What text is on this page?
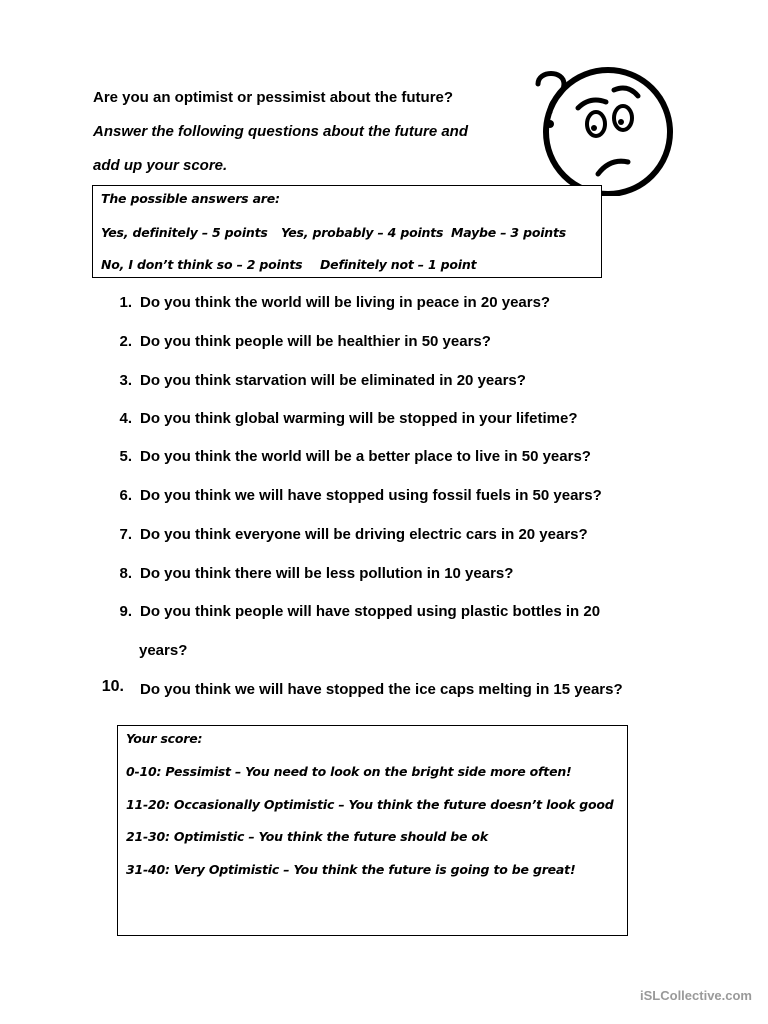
Are you an optimist or pessimist about the future?
Answer the following questions about the future and
add up your score.
The possible answers are:
Yes, definitely – 5 points Yes, probably – 4 points Maybe – 3 points
No, I don’t think so – 2 points Definitely not – 1 point
1. Do you think the world will be living in peace in 20 years?
2. Do you think people will be healthier in 50 years?
3. Do you think starvation will be eliminated in 20 years?
4. Do you think global warming will be stopped in your lifetime?
5. Do you think the world will be a better place to live in 50 years?
6. Do you think we will have stopped using fossil fuels in 50 years?
7. Do you think everyone will be driving electric cars in 20 years?
8. Do you think there will be less pollution in 10 years?
9. Do you think people will have stopped using plastic bottles in 20
years?
10. Do you think we will have stopped the ice caps melting in 15 years?
Your score:
0-10: Pessimist – You need to look on the bright side more often!
11-20: Occasionally Optimistic – You think the future doesn’t look good
21-30: Optimistic – You think the future should be ok
31-40: Very Optimistic – You think the future is going to be great!
iSLCollective.com
